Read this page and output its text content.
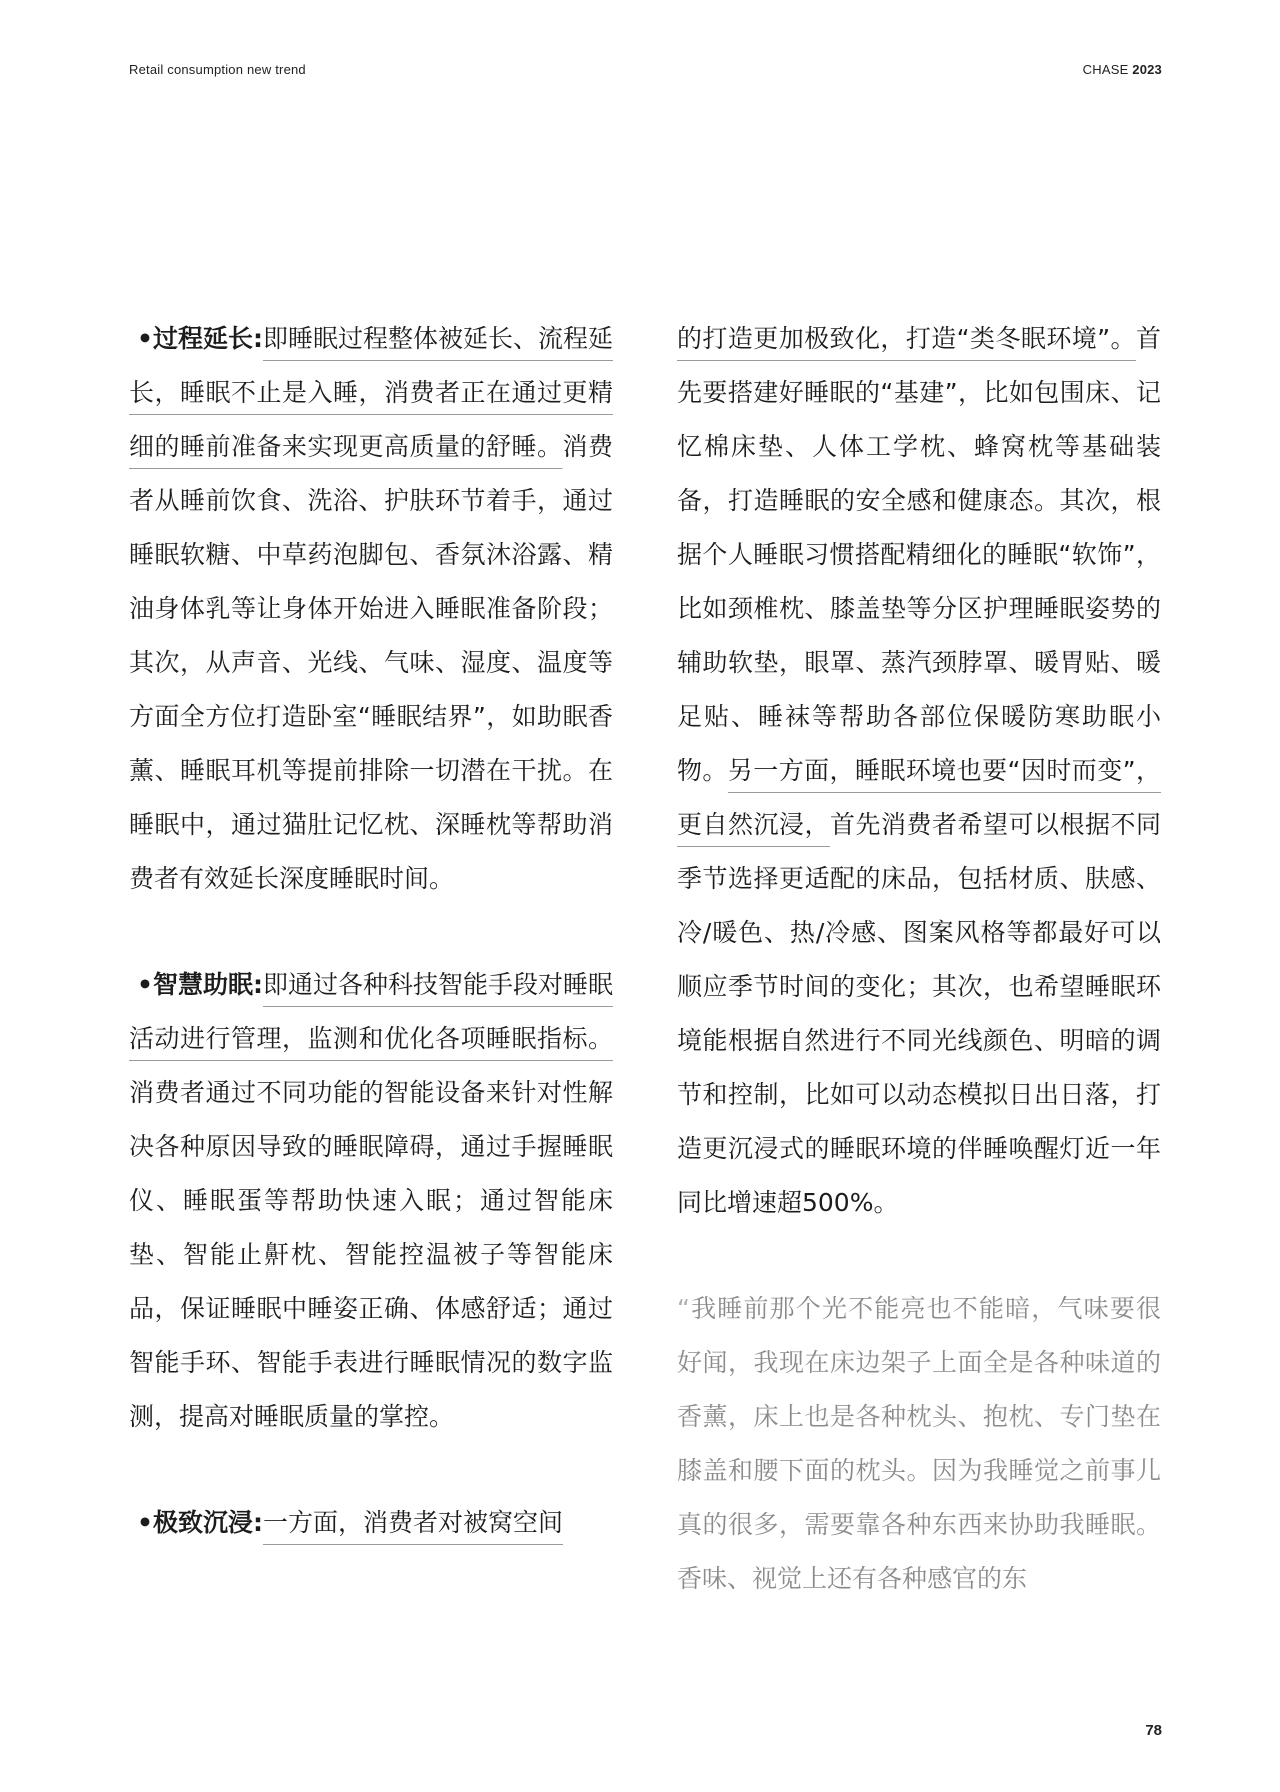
Retail consumption new trend	CHASE 2023

•过程延长:即睡眠过程整体被延长、流程延长，睡眠不止是入睡，消费者正在通过更精细的睡前准备来实现更高质量的舒睡。消费者从睡前饮食、洗浴、护肤环节着手，通过睡眠软糖、中草药泡脚包、香氛沐浴露、精油身体乳等让身体开始进入睡眠准备阶段；其次，从声音、光线、气味、湿度、温度等方面全方位打造卧室“睡眠结界”，如助眠香薰、睡眠耳机等提前排除一切潜在干扰。在睡眠中，通过猫肚记忆枕、深睡枕等帮助消费者有效延长深度睡眠时间。

•智慧助眠:即通过各种科技智能手段对睡眠活动进行管理，监测和优化各项睡眠指标。消费者通过不同功能的智能设备来针对性解决各种原因导致的睡眠障碍，通过手握睡眠仪、睡眠蛋等帮助快速入眠；通过智能床垫、智能止鼾枕、智能控温被子等智能床品，保证睡眠中睡姿正确、体感舒适；通过智能手环、智能手表进行睡眠情况的数字监测，提高对睡眠质量的掌控。

•极致沉浸:一方面，消费者对被窝空间

的打造更加极致化，打造“类冬眠环境”。首先要搭建好睡眠的“基建”，比如包围床、记忆棉床垫、人体工学枕、蜂窝枕等基础装备，打造睡眠的安全感和健康态。其次，根据个人睡眠习惯搭配精细化的睡眠“软饰”，比如颈椎枕、膝盖垫等分区护理睡眠姿势的辅助软垫，眼罩、蒸汽颈脖罩、暖胃贴、暖足贴、睡袜等帮助各部位保暖防寒助眠小物。另一方面，睡眠环境也要“因时而变”，更自然沉浸，首先消费者希望可以根据不同季节选择更适配的床品，包括材质、肤感、冷/暖色、热/冷感、图案风格等都最好可以顺应季节时间的变化；其次，也希望睡眠环境能根据自然进行不同光线颜色、明暗的调节和控制，比如可以动态模拟日出日落，打造更沉浸式的睡眠环境的伴睡唤醒灯近一年同比增速超500%。

“我睡前那个光不能亮也不能暗，气味要很好闻，我现在床边架子上面全是各种味道的香薰，床上也是各种枕头、抱枕、专门垫在膝盖和腰下面的枕头。因为我睡觉之前事儿真的很多，需要靠各种东西来协助我睡眠。香味、视觉上还有各种感官的东

78
